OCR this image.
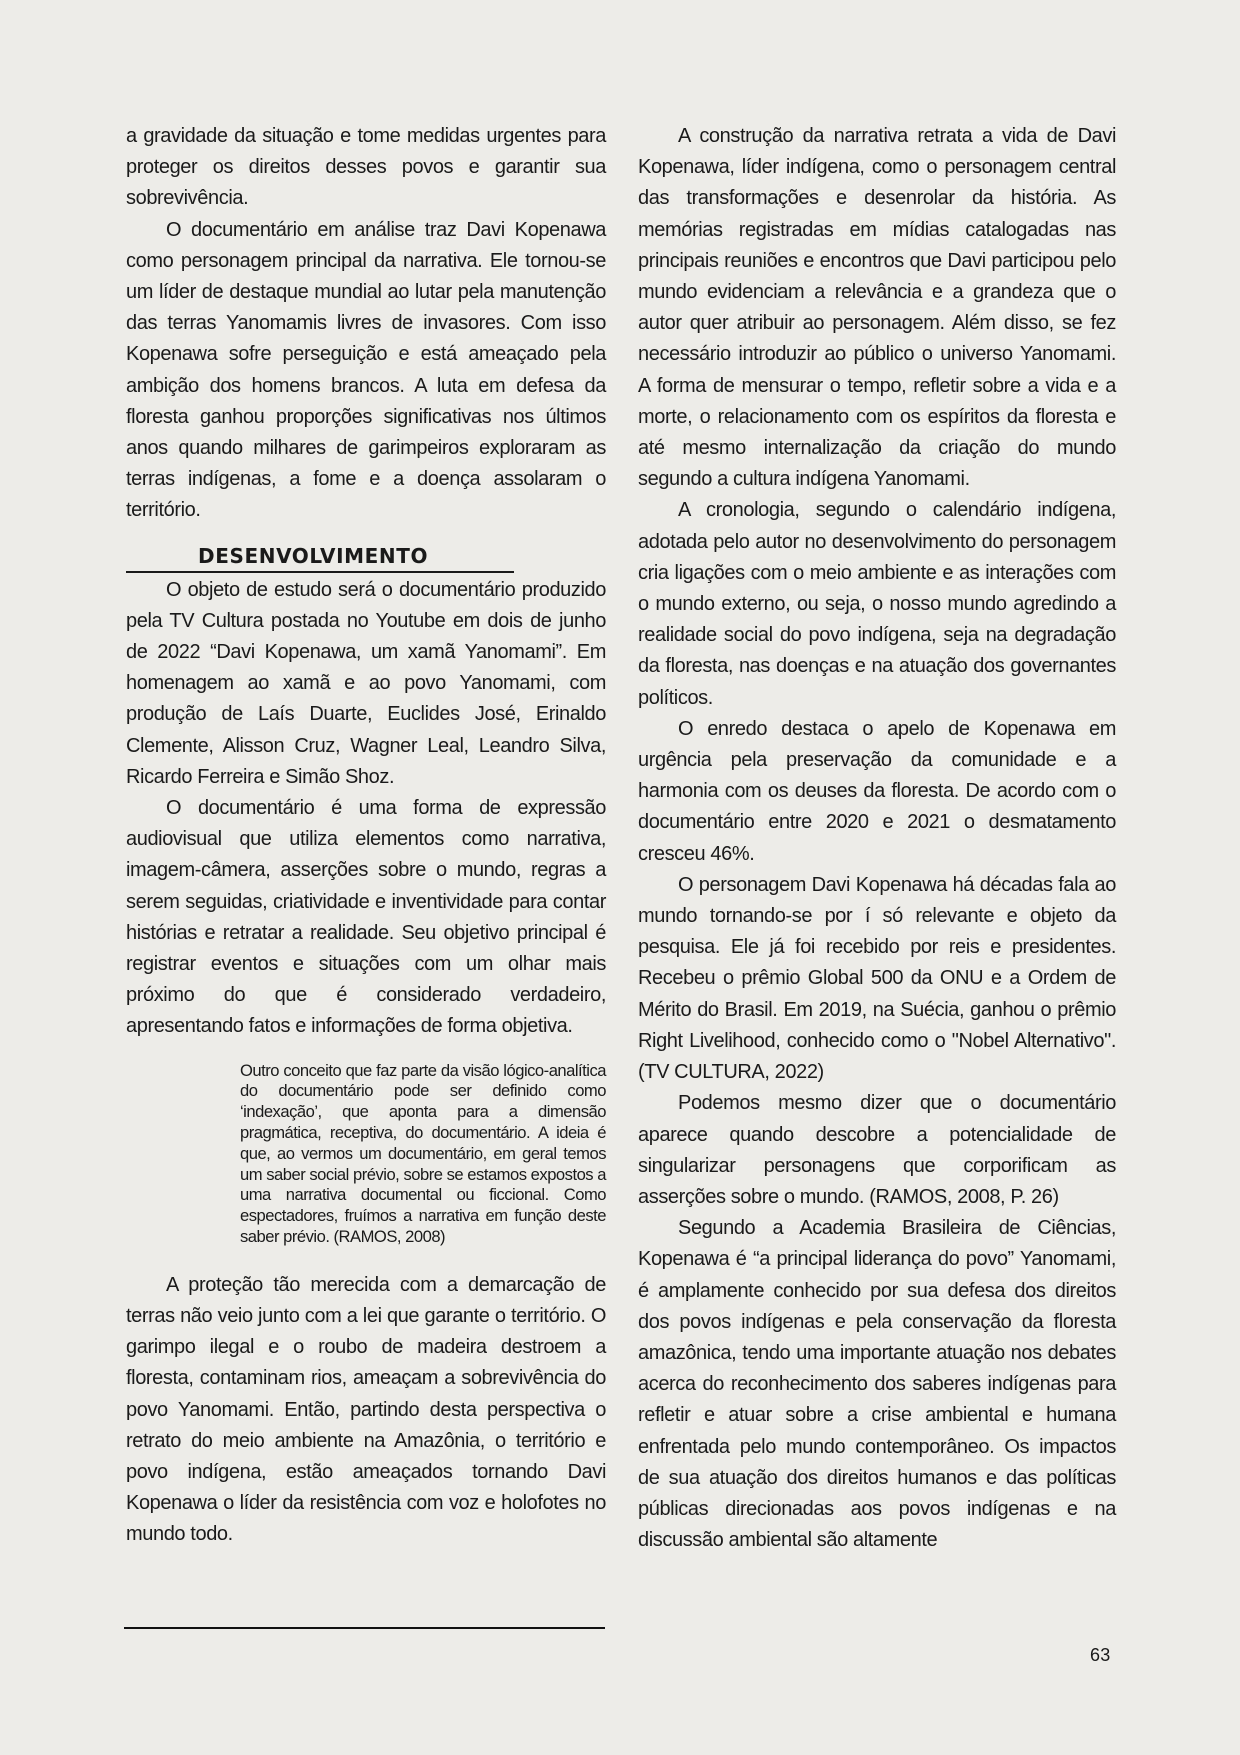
a gravidade da situação e tome medidas urgentes para proteger os direitos desses povos e garantir sua sobrevivência.

O documentário em análise traz Davi Kopenawa como personagem principal da narrativa. Ele tornou-se um líder de destaque mundial ao lutar pela manutenção das terras Yanomamis livres de invasores. Com isso Kopenawa sofre perseguição e está ameaçado pela ambição dos homens brancos. A luta em defesa da floresta ganhou proporções significativas nos últimos anos quando milhares de garimpeiros exploraram as terras indígenas, a fome e a doença assolaram o território.

DESENVOLVIMENTO

O objeto de estudo será o documentário produzido pela TV Cultura postada no Youtube em dois de junho de 2022 “Davi Kopenawa, um xamã Yanomami”. Em homenagem ao xamã e ao povo Yanomami, com produção de Laís Duarte, Euclides José, Erinaldo Clemente, Alisson Cruz, Wagner Leal, Leandro Silva, Ricardo Ferreira e Simão Shoz.

O documentário é uma forma de expressão audiovisual que utiliza elementos como narrativa, imagem-câmera, asserções sobre o mundo, regras a serem seguidas, criatividade e inventividade para contar histórias e retratar a realidade. Seu objetivo principal é registrar eventos e situações com um olhar mais próximo do que é considerado verdadeiro, apresentando fatos e informações de forma objetiva.

Outro conceito que faz parte da visão lógico-analítica do documentário pode ser definido como ‘indexação’, que aponta para a dimensão pragmática, receptiva, do documentário. A ideia é que, ao vermos um documentário, em geral temos um saber social prévio, sobre se estamos expostos a uma narrativa documental ou ficcional. Como espectadores, fruímos a narrativa em função deste saber prévio. (RAMOS, 2008)

A proteção tão merecida com a demarcação de terras não veio junto com a lei que garante o território. O garimpo ilegal e o roubo de madeira destroem a floresta, contaminam rios, ameaçam a sobrevivência do povo Yanomami. Então, partindo desta perspectiva o retrato do meio ambiente na Amazônia, o território e povo indígena, estão ameaçados tornando Davi Kopenawa o líder da resistência com voz e holofotes no mundo todo.

A construção da narrativa retrata a vida de Davi Kopenawa, líder indígena, como o personagem central das transformações e desenrolar da história. As memórias registradas em mídias catalogadas nas principais reuniões e encontros que Davi participou pelo mundo evidenciam a relevância e a grandeza que o autor quer atribuir ao personagem. Além disso, se fez necessário introduzir ao público o universo Yanomami. A forma de mensurar o tempo, refletir sobre a vida e a morte, o relacionamento com os espíritos da floresta e até mesmo internalização da criação do mundo segundo a cultura indígena Yanomami.

A cronologia, segundo o calendário indígena, adotada pelo autor no desenvolvimento do personagem cria ligações com o meio ambiente e as interações com o mundo externo, ou seja, o nosso mundo agredindo a realidade social do povo indígena, seja na degradação da floresta, nas doenças e na atuação dos governantes políticos.

O enredo destaca o apelo de Kopenawa em urgência pela preservação da comunidade e a harmonia com os deuses da floresta. De acordo com o documentário entre 2020 e 2021 o desmatamento cresceu 46%.

O personagem Davi Kopenawa há décadas fala ao mundo tornando-se por í só relevante e objeto da pesquisa. Ele já foi recebido por reis e presidentes. Recebeu o prêmio Global 500 da ONU e a Ordem de Mérito do Brasil. Em 2019, na Suécia, ganhou o prêmio Right Livelihood, conhecido como o "Nobel Alternativo". (TV CULTURA, 2022)

Podemos mesmo dizer que o documentário aparece quando descobre a potencialidade de singularizar personagens que corporificam as asserções sobre o mundo. (RAMOS, 2008, P. 26)

Segundo a Academia Brasileira de Ciências, Kopenawa é “a principal liderança do povo” Yanomami, é amplamente conhecido por sua defesa dos direitos dos povos indígenas e pela conservação da floresta amazônica, tendo uma importante atuação nos debates acerca do reconhecimento dos saberes indígenas para refletir e atuar sobre a crise ambiental e humana enfrentada pelo mundo contemporâneo. Os impactos de sua atuação dos direitos humanos e das políticas públicas direcionadas aos povos indígenas e na discussão ambiental são altamente

63
